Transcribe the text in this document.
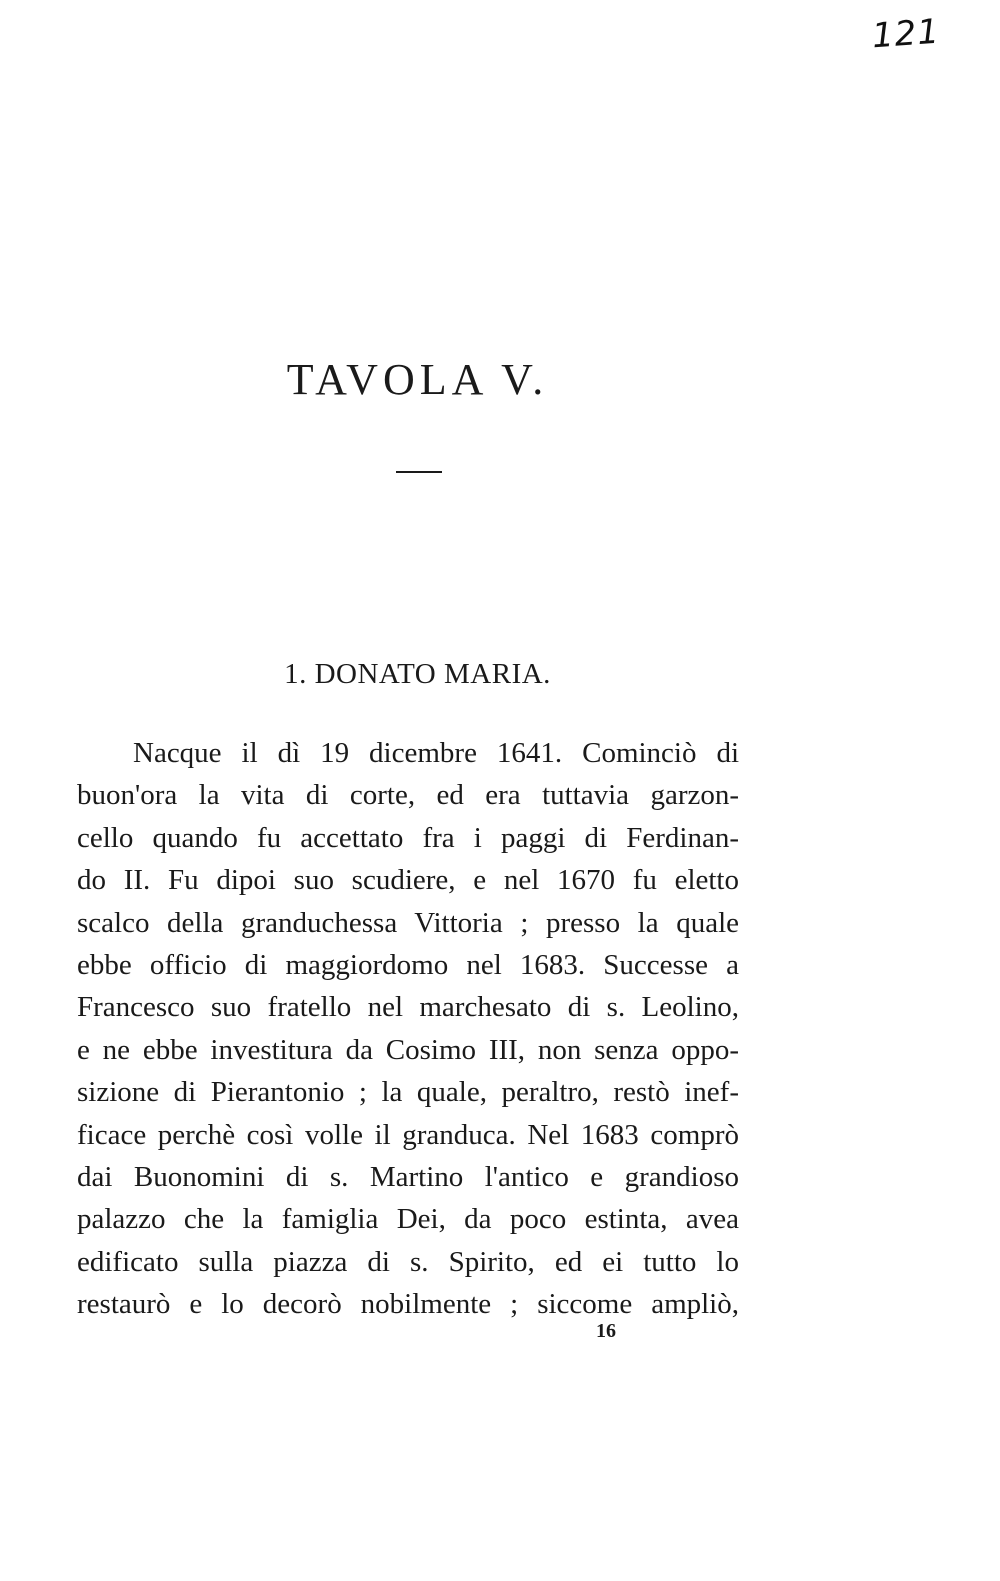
121
TAVOLA V.
1. DONATO MARIA.
Nacque il dì 19 dicembre 1641. Cominciò di
buon'ora la vita di corte, ed era tuttavia garzon-
cello quando fu accettato fra i paggi di Ferdinan-
do II. Fu dipoi suo scudiere, e nel 1670 fu eletto
scalco della granduchessa Vittoria ; presso la quale
ebbe officio di maggiordomo nel 1683. Successe a
Francesco suo fratello nel marchesato di s. Leolino,
e ne ebbe investitura da Cosimo III, non senza oppo-
sizione di Pierantonio ; la quale, peraltro, restò inef-
ficace perchè così volle il granduca. Nel 1683 comprò
dai Buonomini di s. Martino l'antico e grandioso
palazzo che la famiglia Dei, da poco estinta, avea
edificato sulla piazza di s. Spirito, ed ei tutto lo
restaurò e lo decorò nobilmente ; siccome ampliò,
16
